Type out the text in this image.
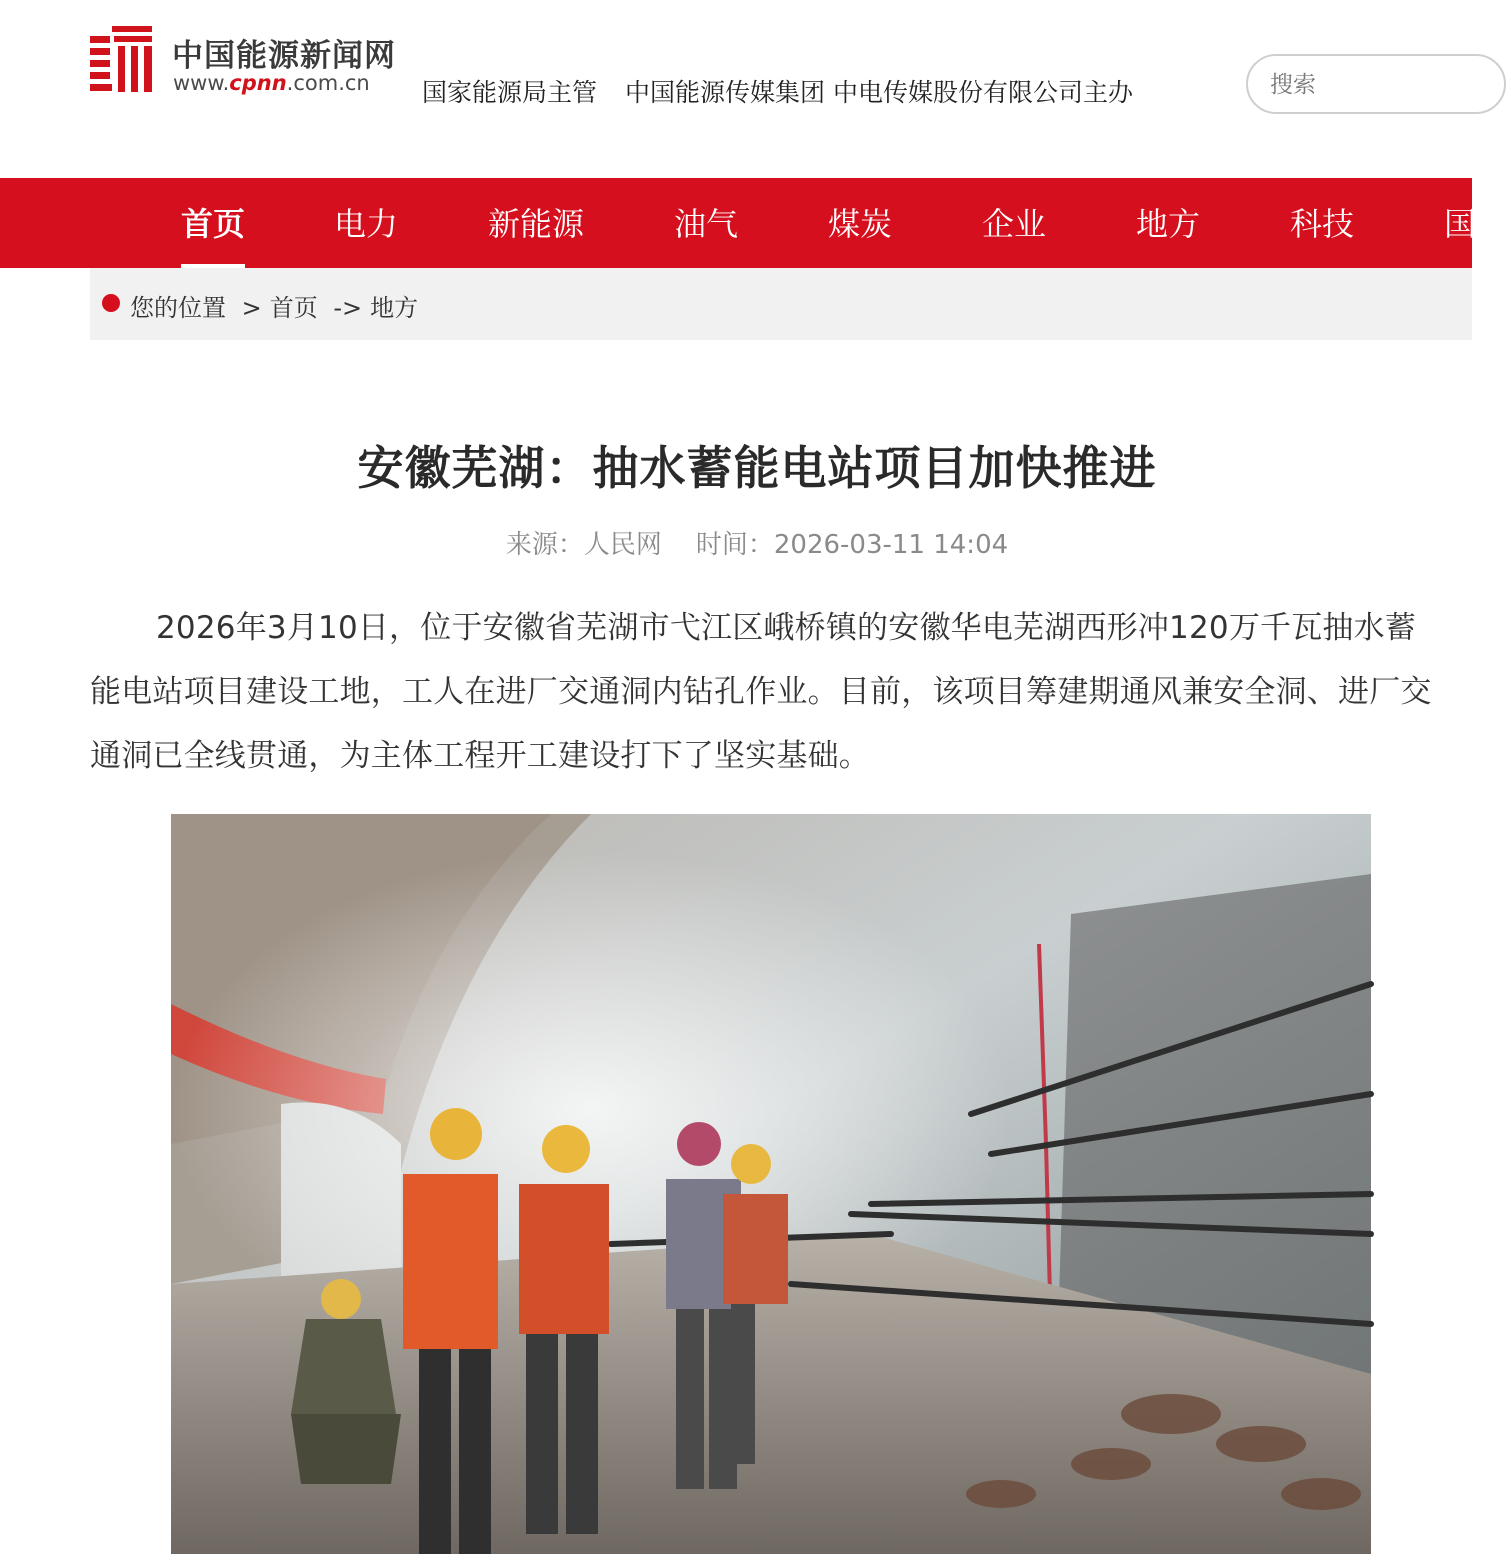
中国能源新闻网
www.cpnn.com.cn 国家能源局主管 中国能源传媒集团 中电传媒股份有限公司主办
搜索
首页	电力	新能源	油气	煤炭	企业	地方	科技	国
您的位置 > 首页 -> 地方
安徽芜湖：抽水蓄能电站项目加快推进
来源：人民网 时间：2026-03-11 14:04

2026年3月10日，位于安徽省芜湖市弋江区峨桥镇的安徽华电芜湖西形冲120万千瓦抽水蓄能电站项目建设工地，工人在进厂交通洞内钻孔作业。目前，该项目筹建期通风兼安全洞、进厂交通洞已全线贯通，为主体工程开工建设打下了坚实基础。
